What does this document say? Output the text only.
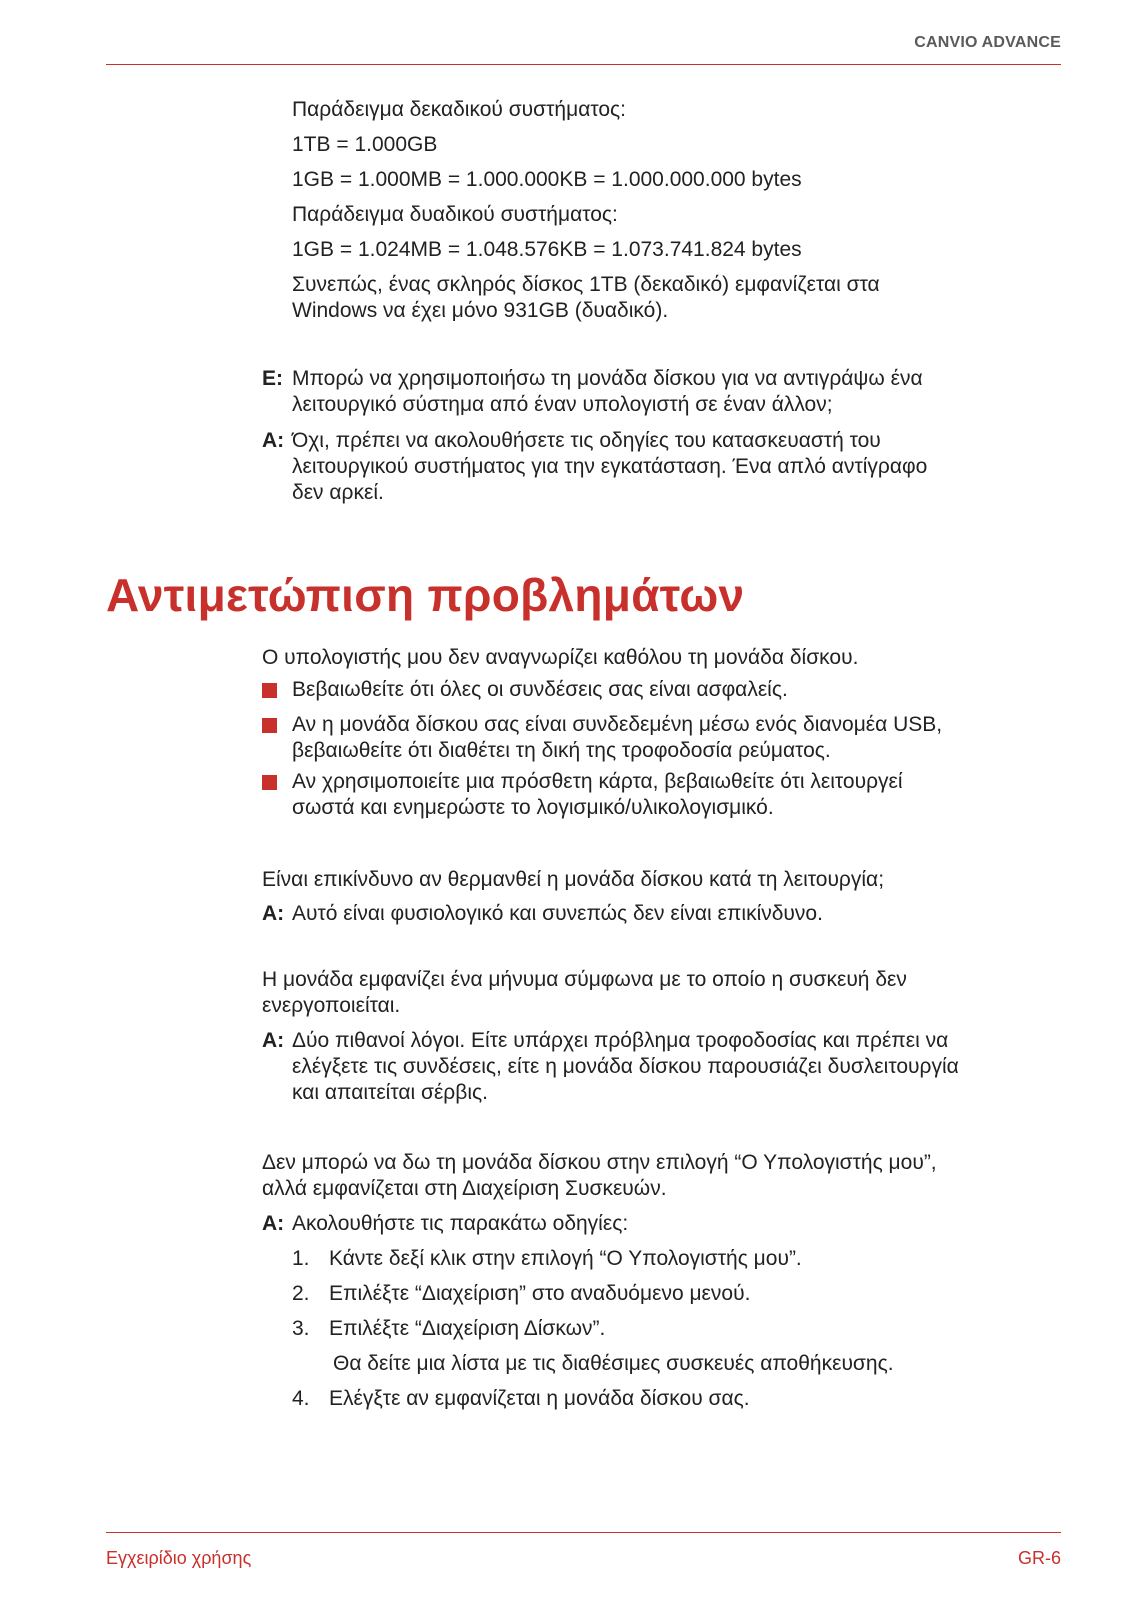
CANVIO ADVANCE
Παράδειγμα δεκαδικού συστήματος:
1TB = 1.000GB
1GB = 1.000MB = 1.000.000KB = 1.000.000.000 bytes
Παράδειγμα δυαδικού συστήματος:
1GB = 1.024MB = 1.048.576KB = 1.073.741.824 bytes
Συνεπώς, ένας σκληρός δίσκος 1TB (δεκαδικό) εμφανίζεται στα
Windows να έχει μόνο 931GB (δυαδικό).
E: Μπορώ να χρησιμοποιήσω τη μονάδα δίσκου για να αντιγράψω ένα
λειτουργικό σύστημα από έναν υπολογιστή σε έναν άλλον;
A: Όχι, πρέπει να ακολουθήσετε τις οδηγίες του κατασκευαστή του
λειτουργικού συστήματος για την εγκατάσταση. Ένα απλό αντίγραφο
δεν αρκεί.
Αντιμετώπιση προβλημάτων
Ο υπολογιστής μου δεν αναγνωρίζει καθόλου τη μονάδα δίσκου.
Βεβαιωθείτε ότι όλες οι συνδέσεις σας είναι ασφαλείς.
Αν η μονάδα δίσκου σας είναι συνδεδεμένη μέσω ενός διανομέα USB,
βεβαιωθείτε ότι διαθέτει τη δική της τροφοδοσία ρεύματος.
Αν χρησιμοποιείτε μια πρόσθετη κάρτα, βεβαιωθείτε ότι λειτουργεί
σωστά και ενημερώστε το λογισμικό/υλικολογισμικό.
Είναι επικίνδυνο αν θερμανθεί η μονάδα δίσκου κατά τη λειτουργία;
A: Αυτό είναι φυσιολογικό και συνεπώς δεν είναι επικίνδυνο.
Η μονάδα εμφανίζει ένα μήνυμα σύμφωνα με το οποίο η συσκευή δεν
ενεργοποιείται.
A: Δύο πιθανοί λόγοι. Είτε υπάρχει πρόβλημα τροφοδοσίας και πρέπει να
ελέγξετε τις συνδέσεις, είτε η μονάδα δίσκου παρουσιάζει δυσλειτουργία
και απαιτείται σέρβις.
Δεν μπορώ να δω τη μονάδα δίσκου στην επιλογή “Ο Υπολογιστής μου”,
αλλά εμφανίζεται στη Διαχείριση Συσκευών.
A: Ακολουθήστε τις παρακάτω οδηγίες:
1. Κάντε δεξί κλικ στην επιλογή “Ο Υπολογιστής μου”.
2. Επιλέξτε “Διαχείριση” στο αναδυόμενο μενού.
3. Επιλέξτε “Διαχείριση Δίσκων”.
Θα δείτε μια λίστα με τις διαθέσιμες συσκευές αποθήκευσης.
4. Ελέγξτε αν εμφανίζεται η μονάδα δίσκου σας.
Εγχειρίδιο χρήσης	GR-6
